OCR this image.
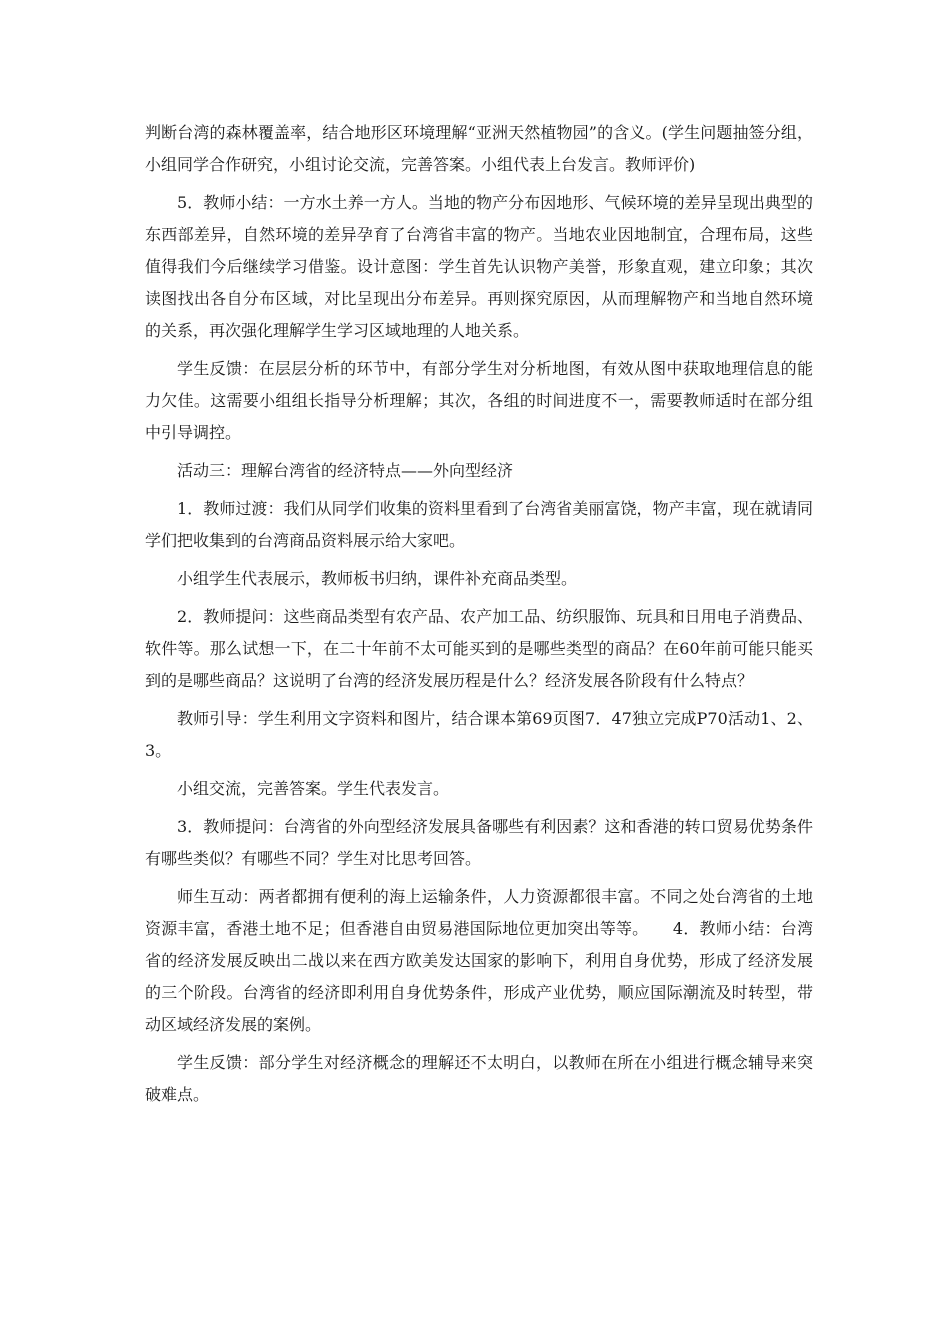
判断台湾的森林覆盖率，结合地形区环境理解“亚洲天然植物园”的含义。(学生问题抽签分组，小组同学合作研究，小组讨论交流，完善答案。小组代表上台发言。教师评价)

5．教师小结：一方水土养一方人。当地的物产分布因地形、气候环境的差异呈现出典型的东西部差异，自然环境的差异孕育了台湾省丰富的物产。当地农业因地制宜，合理布局，这些值得我们今后继续学习借鉴。设计意图：学生首先认识物产美誉，形象直观，建立印象；其次读图找出各自分布区域，对比呈现出分布差异。再则探究原因，从而理解物产和当地自然环境的关系，再次强化理解学生学习区域地理的人地关系。

学生反馈：在层层分析的环节中，有部分学生对分析地图，有效从图中获取地理信息的能力欠佳。这需要小组组长指导分析理解；其次，各组的时间进度不一，需要教师适时在部分组中引导调控。

活动三：理解台湾省的经济特点——外向型经济

1．教师过渡：我们从同学们收集的资料里看到了台湾省美丽富饶，物产丰富，现在就请同学们把收集到的台湾商品资料展示给大家吧。

小组学生代表展示，教师板书归纳，课件补充商品类型。

2．教师提问：这些商品类型有农产品、农产加工品、纺织服饰、玩具和日用电子消费品、软件等。那么试想一下，在二十年前不太可能买到的是哪些类型的商品？在60年前可能只能买到的是哪些商品？这说明了台湾的经济发展历程是什么？经济发展各阶段有什么特点？

教师引导：学生利用文字资料和图片，结合课本第69页图7．47独立完成P70活动1、2、3。

小组交流，完善答案。学生代表发言。

3．教师提问：台湾省的外向型经济发展具备哪些有利因素？这和香港的转口贸易优势条件有哪些类似？有哪些不同？学生对比思考回答。

师生互动：两者都拥有便利的海上运输条件，人力资源都很丰富。不同之处台湾省的土地资源丰富，香港土地不足；但香港自由贸易港国际地位更加突出等等。　　4．教师小结：台湾省的经济发展反映出二战以来在西方欧美发达国家的影响下，利用自身优势，形成了经济发展的三个阶段。台湾省的经济即利用自身优势条件，形成产业优势，顺应国际潮流及时转型，带动区域经济发展的案例。

学生反馈：部分学生对经济概念的理解还不太明白，以教师在所在小组进行概念辅导来突破难点。
